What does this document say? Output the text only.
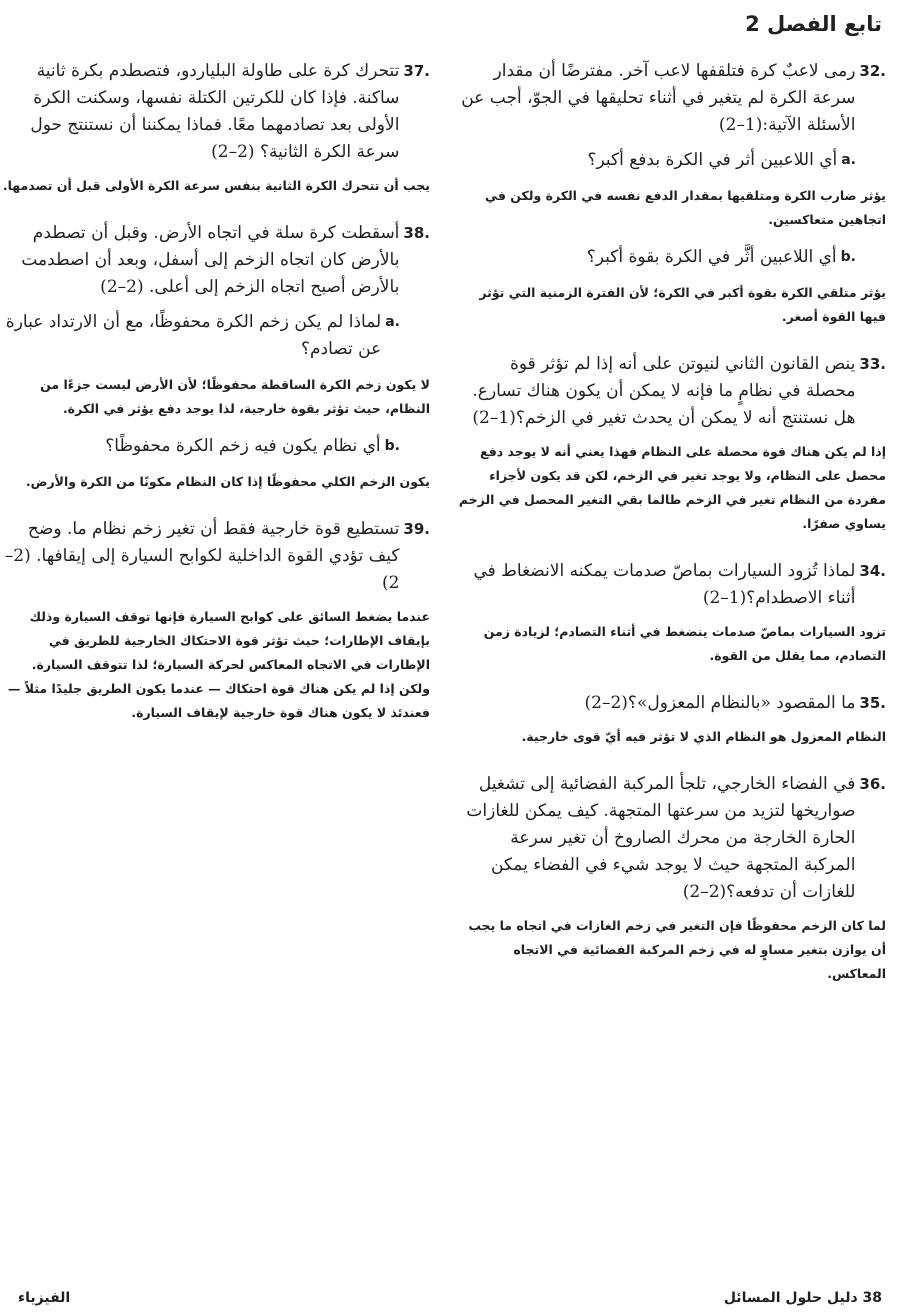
تابع الفصل 2

32.
رمى لاعبٌ كرة فتلقفها لاعب آخر. مفترضًا أن مقدار سرعة الكرة لم يتغير في أثناء تحليقها في الجوّ، أجب عن الأسئلة الآتية:(1–2)

a.
أي اللاعبين أثر في الكرة بدفع أكبر؟

يؤثر ضارب الكرة ومتلقيها بمقدار الدفع نفسه في الكرة ولكن في اتجاهين متعاكسين.

b.
أي اللاعبين أثَّر في الكرة بقوة أكبر؟

يؤثر متلقي الكرة بقوة أكبر في الكرة؛ لأن الفترة الزمنية التي تؤثر فيها القوة أصغر.

33.
ينص القانون الثاني لنيوتن على أنه إذا لم تؤثر قوة محصلة في نظامٍ ما فإنه لا يمكن أن يكون هناك تسارع. هل نستنتج أنه لا يمكن أن يحدث تغير في الزخم؟(1–2)

إذا لم يكن هناك قوة محصلة على النظام فهذا يعني أنه لا يوجد دفع محصل على النظام، ولا يوجد تغير في الزخم، لكن قد يكون لأجزاء مفردة من النظام تغير في الزخم طالما بقي التغير المحصل في الزخم يساوي صفرًا.

34.
لماذا تُزود السيارات بماصّ صدمات يمكنه الانضغاط في أثناء الاصطدام؟(1–2)

تزود السيارات بماصّ صدمات ينضغط في أثناء التصادم؛ لزيادة زمن التصادم، مما يقلل من القوة.

35.
ما المقصود «بالنظام المعزول»؟(2–2)

النظام المعزول هو النظام الذي لا تؤثر فيه أيّ قوى خارجية.

36.
في الفضاء الخارجي، تلجأ المركبة الفضائية إلى تشغيل صواريخها لتزيد من سرعتها المتجهة. كيف يمكن للغازات الحارة الخارجة من محرك الصاروخ أن تغير سرعة المركبة المتجهة حيث لا يوجد شيء في الفضاء يمكن للغازات أن تدفعه؟(2–2)

لما كان الزخم محفوظًا فإن التغير في زخم الغازات في اتجاه ما يجب أن يوازن بتغير مساوٍ له في زخم المركبة الفضائية في الاتجاه المعاكس.

37.
تتحرك كرة على طاولة البلياردو، فتصطدم بكرة ثانية ساكنة. فإذا كان للكرتين الكتلة نفسها، وسكنت الكرة الأولى بعد تصادمهما معًا. فماذا يمكننا أن نستنتج حول سرعة الكرة الثانية؟ (2–2)

يجب أن تتحرك الكرة الثانية بنفس سرعة الكرة الأولى قبل أن تصدمها.

38.
أسقطت كرة سلة في اتجاه الأرض. وقبل أن تصطدم بالأرض كان اتجاه الزخم إلى أسفل، وبعد أن اصطدمت بالأرض أصبح اتجاه الزخم إلى أعلى. (2–2)

a.
لماذا لم يكن زخم الكرة محفوظًا، مع أن الارتداد عبارة عن تصادم؟

لا يكون زخم الكرة الساقطة محفوظًا؛ لأن الأرض ليست جزءًا من النظام، حيث تؤثر بقوة خارجية، لذا يوجد دفع يؤثر في الكرة.

b.
أي نظام يكون فيه زخم الكرة محفوظًا؟

يكون الزخم الكلي محفوظًا إذا كان النظام مكونًا من الكرة والأرض.

39.
تستطيع قوة خارجية فقط أن تغير زخم نظام ما. وضح كيف تؤدي القوة الداخلية لكوابح السيارة إلى إيقافها. (2–2)

عندما يضغط السائق على كوابح السيارة فإنها توقف السيارة وذلك بإيقاف الإطارات؛ حيث تؤثر قوة الاحتكاك الخارجية للطريق في الإطارات في الاتجاه المعاكس لحركة السيارة؛ لذا تتوقف السيارة. ولكن إذا لم يكن هناك قوة احتكاك — عندما يكون الطريق جليدًا مثلاً — فعندئذ لا يكون هناك قوة خارجية لإيقاف السيارة.

38 دليل حلول المسائل
الفيزياء
